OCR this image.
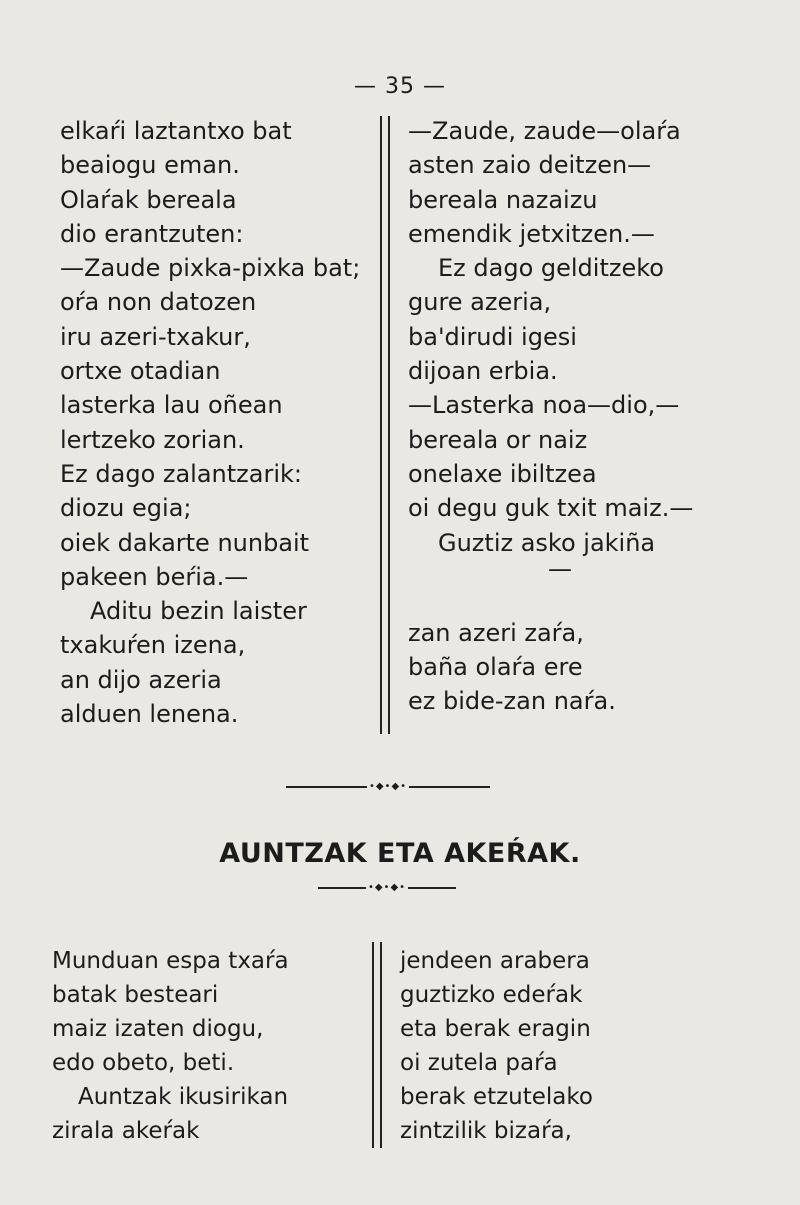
— 35 —
elkaŕi laztantxo bat
beaiogu eman.
Olaŕak bereala
dio erantzuten:
—Zaude pixka-pixka bat;
oŕa non datozen
iru azeri-txakur,
ortxe otadian
lasterka lau oñean
lertzeko zorian.
Ez dago zalantzarik:
diozu egia;
oiek dakarte nunbait
pakeen beŕia.—
Aditu bezin laister
txakuŕen izena,
an dijo azeria
alduen lenena.
—Zaude, zaude—olaŕa
asten zaio deitzen—
bereala nazaizu
emendik jetxitzen.—
Ez dago gelditzeko
gure azeria,
ba'dirudi igesi
dijoan erbia.
—Lasterka noa—dio,—
bereala or naiz
onelaxe ibiltzea
oi degu guk txit maiz.—
Guztiz asko jakiña
—
zan azeri zaŕa,
baña olaŕa ere
ez bide-zan naŕa.
•◆•◆•
AUNTZAK ETA AKEŔAK.
•◆•◆•
Munduan espa txaŕa
batak besteari
maiz izaten diogu,
edo obeto, beti.
Auntzak ikusirikan
zirala akeŕak
jendeen arabera
guztizko edeŕak
eta berak eragin
oi zutela paŕa
berak etzutelako
zintzilik bizaŕa,
